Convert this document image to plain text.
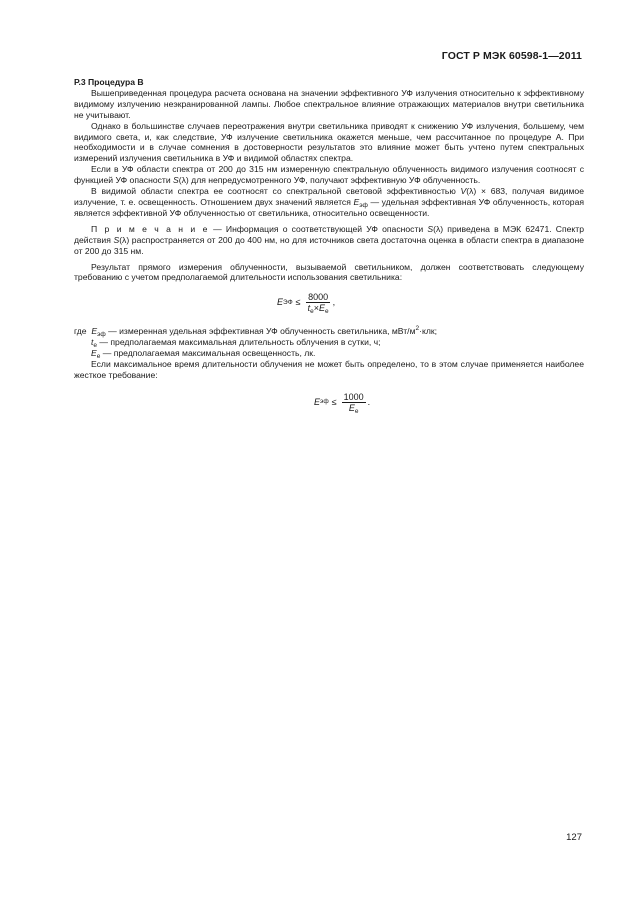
ГОСТ Р МЭК 60598-1—2011

Р.3 Процедура В

Вышеприведенная процедура расчета основана на значении эффективного УФ излучения относительно к эффективному видимому излучению неэкранированной лампы. Любое спектральное влияние отражающих материалов внутри светильника не учитывают.

Однако в большинстве случаев переотражения внутри светильника приводят к снижению УФ излучения, большему, чем видимого света, и, как следствие, УФ излучение светильника окажется меньше, чем рассчитанное по процедуре А. При необходимости и в случае сомнения в достоверности результатов это влияние может быть учтено путем спектральных измерений излучения светильника в УФ и видимой областях спектра.

Если в УФ области спектра от 200 до 315 нм измеренную спектральную облученность видимого излучения соотносят с функцией УФ опасности S(λ) для непредусмотренного УФ, получают эффективную УФ облученность.

В видимой области спектра ее соотносят со спектральной световой эффективностью V(λ) × 683, получая видимое излучение, т. е. освещенность. Отношением двух значений является $E_{эф}$ — удельная эффективная УФ облученность, которая является эффективной УФ облученностью от светильника, относительно освещенности.

П р и м е ч а н и е — Информация о соответствующей УФ опасности S(λ) приведена в МЭК 62471. Спектр действия S(λ) распространяется от 200 до 400 нм, но для источников света достаточна оценка в области спектра в диапазоне от 200 до 315 нм.

Результат прямого измерения облученности, вызываемой светильником, должен соответствовать следующему требованию с учетом предполагаемой длительности использования светильника:

E ЭФ ≤ $\frac{8000}{t_e\times E_e}$ ,

где $E_{эф}$ — измеренная удельная эффективная УФ облученность светильника, мВт/$м^2\cdot клк$;

$t_e$ — предполагаемая максимальная длительность облучения в сутки, ч;

$E_e$ — предполагаемая максимальная освещенность, лк.

Если максимальное время длительности облучения не может быть определено, то в этом случае применяется наиболее жесткое требование:

E эф ≤ $\frac{1000}{E_e}$ .
127
